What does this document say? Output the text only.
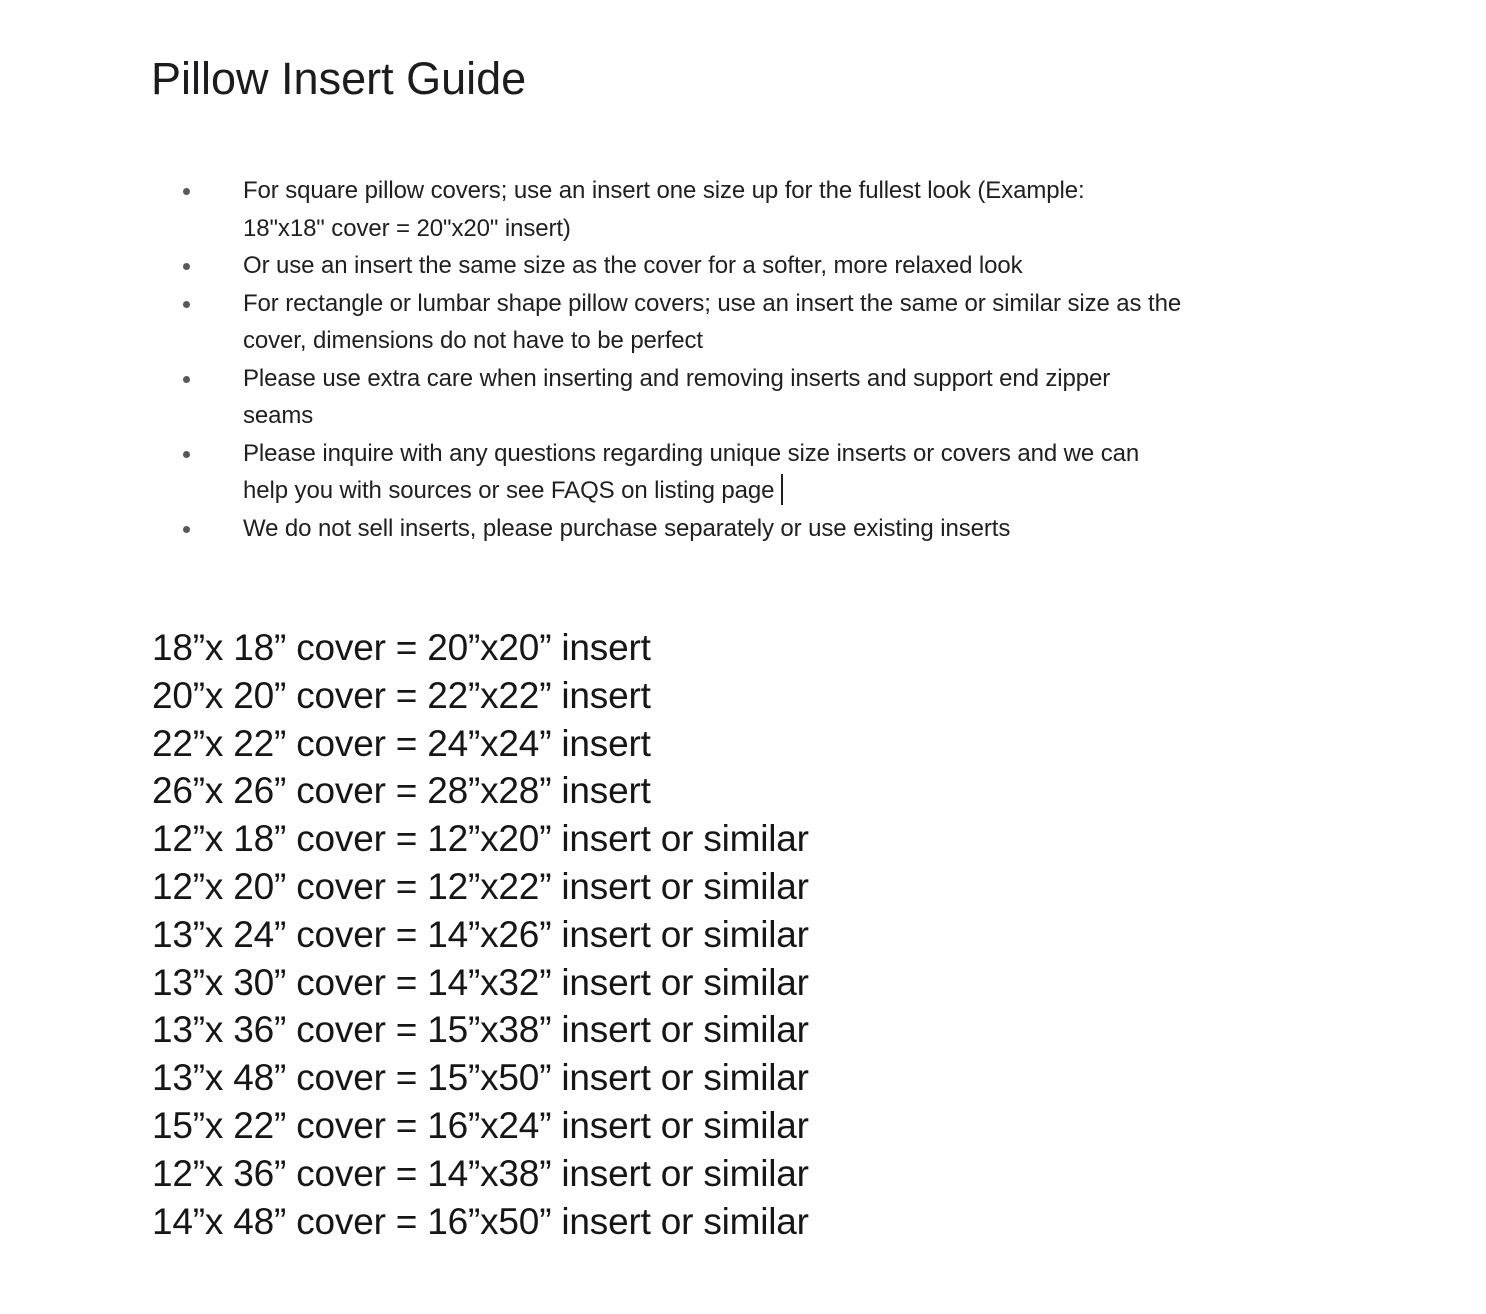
Pillow Insert Guide
For square pillow covers; use an insert one size up for the fullest look (Example:
18"x18" cover = 20"x20" insert)
Or use an insert the same size as the cover for a softer, more relaxed look
For rectangle or lumbar shape pillow covers; use an insert the same or similar size as the
cover, dimensions do not have to be perfect
Please use extra care when inserting and removing inserts and support end zipper
seams
Please inquire with any questions regarding unique size inserts or covers and we can
help you with sources or see FAQS on listing page
We do not sell inserts, please purchase separately or use existing inserts
18”x 18” cover = 20”x20” insert
20”x 20” cover = 22”x22” insert
22”x 22” cover = 24”x24” insert
26”x 26” cover = 28”x28” insert
12”x 18” cover = 12”x20” insert or similar
12”x 20” cover = 12”x22” insert or similar
13”x 24” cover = 14”x26” insert or similar
13”x 30” cover = 14”x32” insert or similar
13”x 36” cover = 15”x38” insert or similar
13”x 48” cover = 15”x50” insert or similar
15”x 22” cover = 16”x24” insert or similar
12”x 36” cover = 14”x38” insert or similar
14”x 48” cover = 16”x50” insert or similar
